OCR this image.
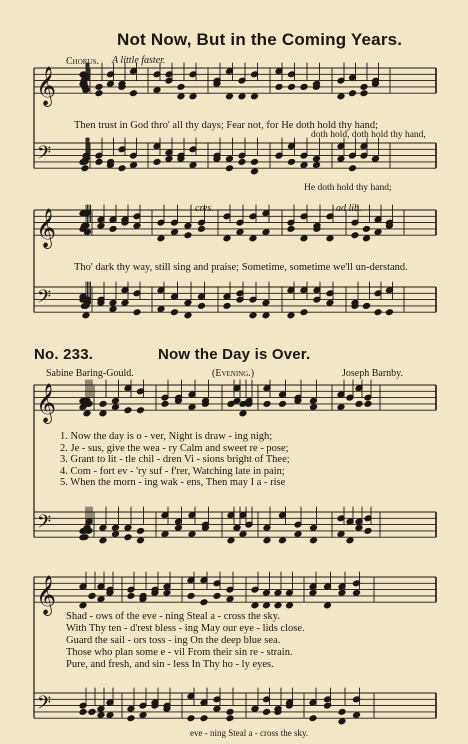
Not Now, But in the Coming Years.
Chorus. A little faster.
Then trust in God thro' all thy days; Fear not, for He doth hold thy hand;
doth hold, doth hold thy hand,
He doth hold thy hand;
cres.	ad lib.
Tho' dark thy way, still sing and praise; Sometime, sometime we'll un-derstand.
No. 233.	Now the Day is Over.
Sabine Baring-Gould.	(Evening.)	Joseph Barnby.
1. Now the day is o - ver, Night is draw - ing nigh;
2. Je - sus, give the wea - ry Calm and sweet re - pose;
3. Grant to lit - tle chil - dren Vi - sions bright of Thee;
4. Com - fort ev - 'ry suf - f'rer, Watching late in pain;
5. When the morn - ing wak - ens, Then may I a - rise
Shad - ows of the eve - ning Steal a - cross the sky.
With Thy ten - d'rest bless - ing May our eye - lids close.
Guard the sail - ors toss - ing On the deep blue sea.
Those who plan some e - vil From their sin re - strain.
Pure, and fresh, and sin - less In Thy ho - ly eyes.
eve - ning Steal a - cross the sky.
𝄞
𝄢
𝄞
𝄢
𝄞
𝄢
𝄞
𝄢
